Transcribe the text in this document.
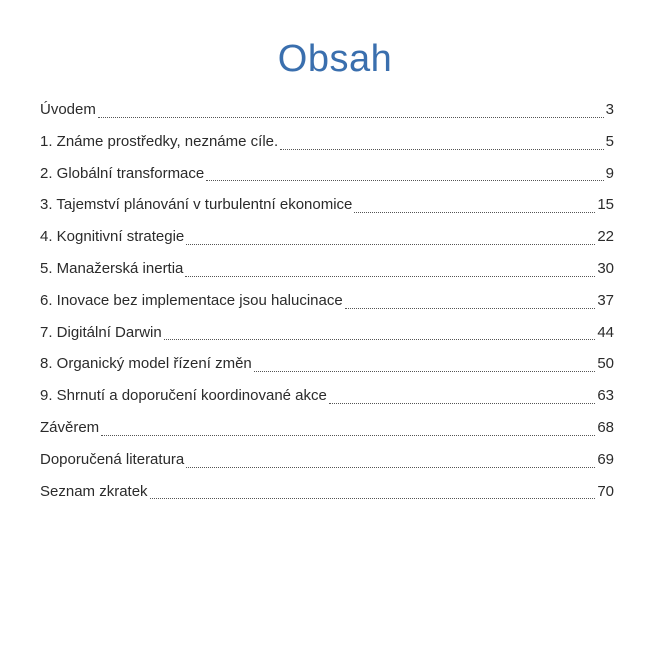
Obsah
Úvodem	3
1. Známe prostředky, neznáme cíle.	5
2. Globální transformace	9
3. Tajemství plánování v turbulentní ekonomice	15
4. Kognitivní strategie	22
5. Manažerská inertia	30
6. Inovace bez implementace jsou halucinace	37
7. Digitální Darwin	44
8. Organický model řízení změn	50
9. Shrnutí a doporučení koordinované akce	63
Závěrem	68
Doporučená literatura	69
Seznam zkratek	70
